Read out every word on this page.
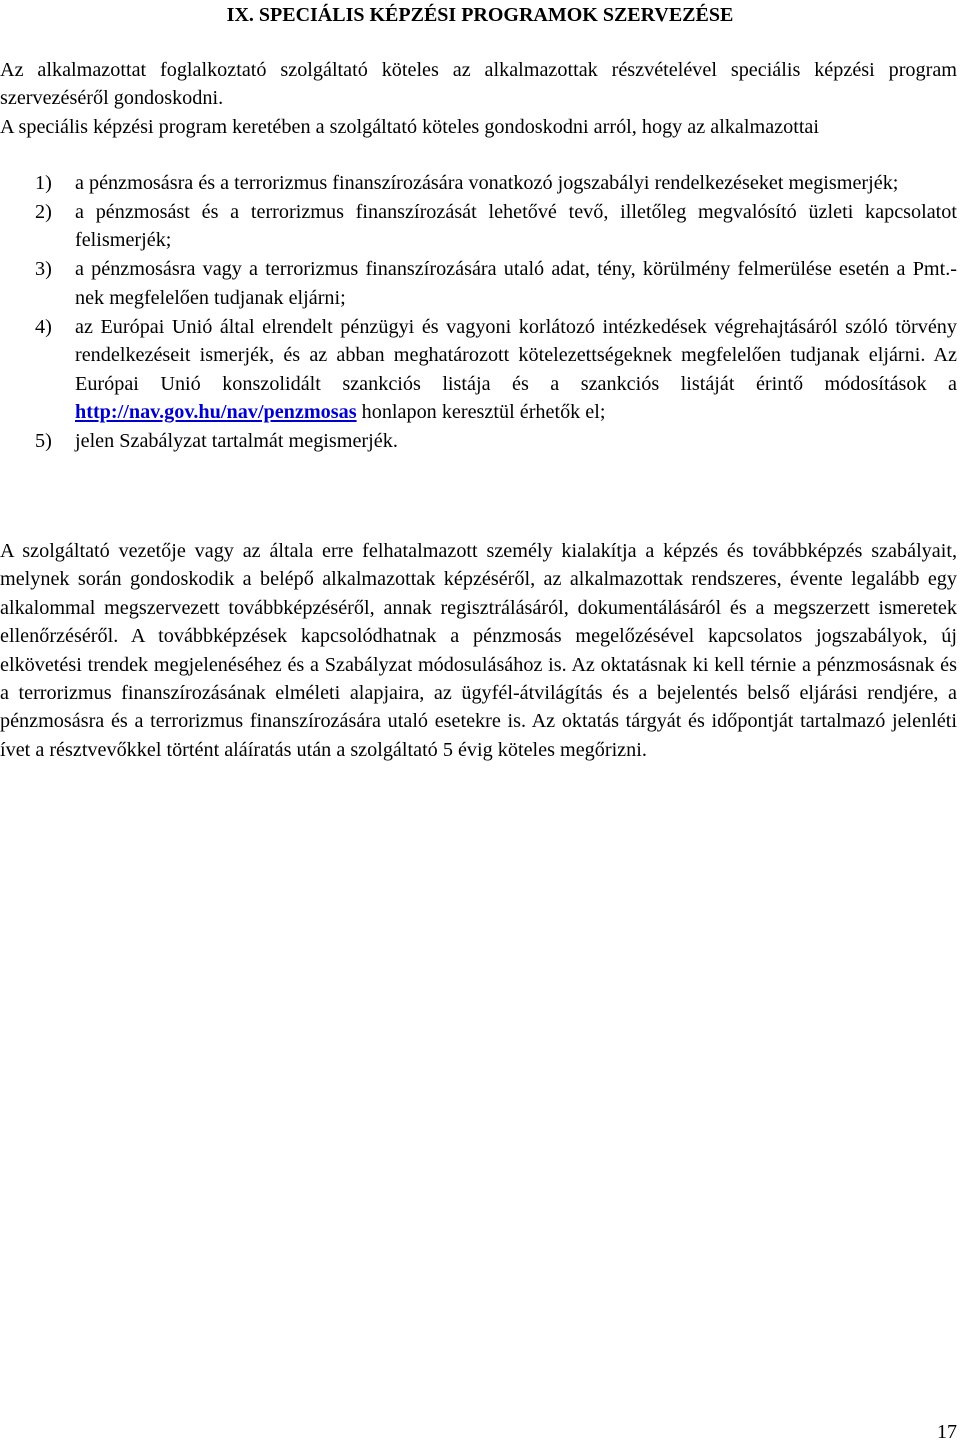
IX. SPECIÁLIS KÉPZÉSI PROGRAMOK SZERVEZÉSE

Az alkalmazottat foglalkoztató szolgáltató köteles az alkalmazottak részvételével speciális képzési program szervezéséről gondoskodni.

A speciális képzési program keretében a szolgáltató köteles gondoskodni arról, hogy az alkalmazottai

1) a pénzmosásra és a terrorizmus finanszírozására vonatkozó jogszabályi rendelkezéseket megismerjék;
2) a pénzmosást és a terrorizmus finanszírozását lehetővé tevő, illetőleg megvalósító üzleti kapcsolatot felismerjék;
3) a pénzmosásra vagy a terrorizmus finanszírozására utaló adat, tény, körülmény felmerülése esetén a Pmt.-nek megfelelően tudjanak eljárni;
4) az Európai Unió által elrendelt pénzügyi és vagyoni korlátozó intézkedések végrehajtásáról szóló törvény rendelkezéseit ismerjék, és az abban meghatározott kötelezettségeknek megfelelően tudjanak eljárni. Az Európai Unió konszolidált szankciós listája és a szankciós listáját érintő módosítások a http://nav.gov.hu/nav/penzmosas honlapon keresztül érhetők el;
5) jelen Szabályzat tartalmát megismerjék.

A szolgáltató vezetője vagy az általa erre felhatalmazott személy kialakítja a képzés és továbbképzés szabályait, melynek során gondoskodik a belépő alkalmazottak képzéséről, az alkalmazottak rendszeres, évente legalább egy alkalommal megszervezett továbbképzéséről, annak regisztrálásáról, dokumentálásáról és a megszerzett ismeretek ellenőrzéséről. A továbbképzések kapcsolódhatnak a pénzmosás megelőzésével kapcsolatos jogszabályok, új elkövetési trendek megjelenéséhez és a Szabályzat módosulásához is. Az oktatásnak ki kell térnie a pénzmosásnak és a terrorizmus finanszírozásának elméleti alapjaira, az ügyfél-átvilágítás és a bejelentés belső eljárási rendjére, a pénzmosásra és a terrorizmus finanszírozására utaló esetekre is. Az oktatás tárgyát és időpontját tartalmazó jelenléti ívet a résztvevőkkel történt aláíratás után a szolgáltató 5 évig köteles megőrizni.

17
